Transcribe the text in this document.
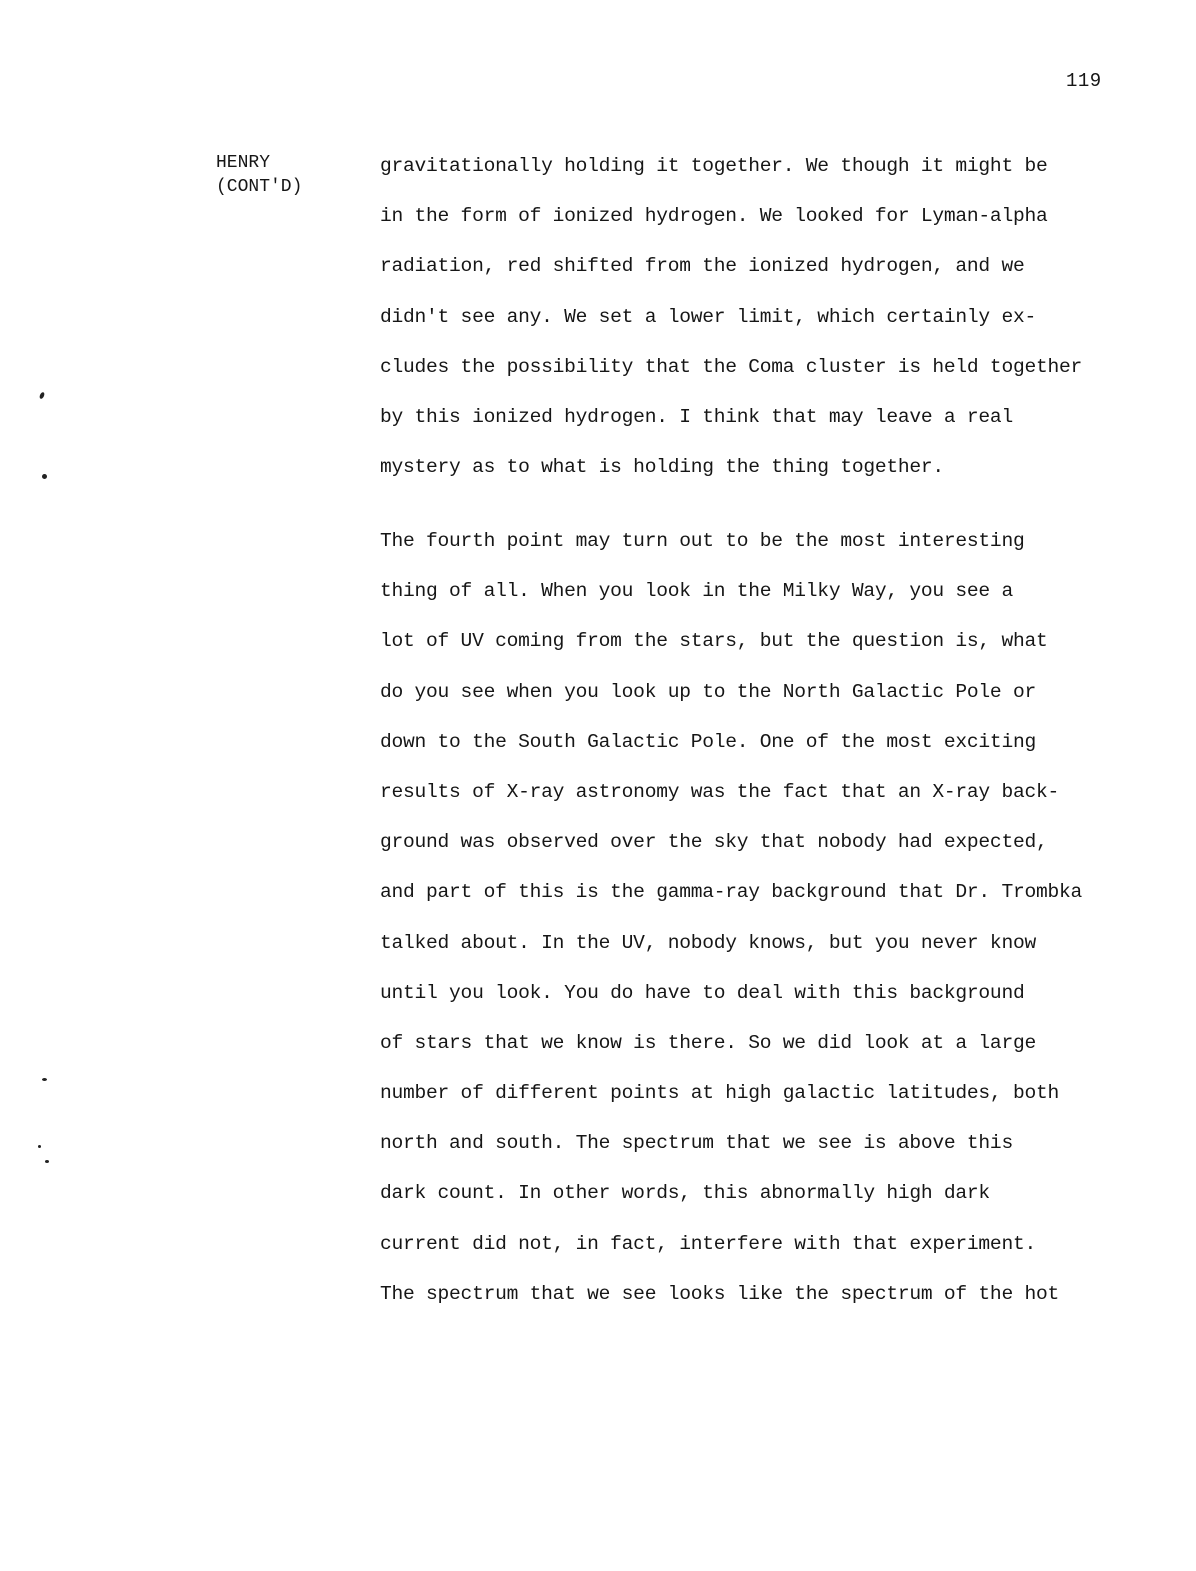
119
HENRY
(CONT'D)
gravitationally holding it together. We though it might be
in the form of ionized hydrogen. We looked for Lyman-alpha
radiation, red shifted from the ionized hydrogen, and we
didn't see any. We set a lower limit, which certainly ex-
cludes the possibility that the Coma cluster is held together
by this ionized hydrogen. I think that may leave a real
mystery as to what is holding the thing together.
The fourth point may turn out to be the most interesting
thing of all. When you look in the Milky Way, you see a
lot of UV coming from the stars, but the question is, what
do you see when you look up to the North Galactic Pole or
down to the South Galactic Pole. One of the most exciting
results of X-ray astronomy was the fact that an X-ray back-
ground was observed over the sky that nobody had expected,
and part of this is the gamma-ray background that Dr. Trombka
talked about. In the UV, nobody knows, but you never know
until you look. You do have to deal with this background
of stars that we know is there. So we did look at a large
number of different points at high galactic latitudes, both
north and south. The spectrum that we see is above this
dark count. In other words, this abnormally high dark
current did not, in fact, interfere with that experiment.
The spectrum that we see looks like the spectrum of the hot
